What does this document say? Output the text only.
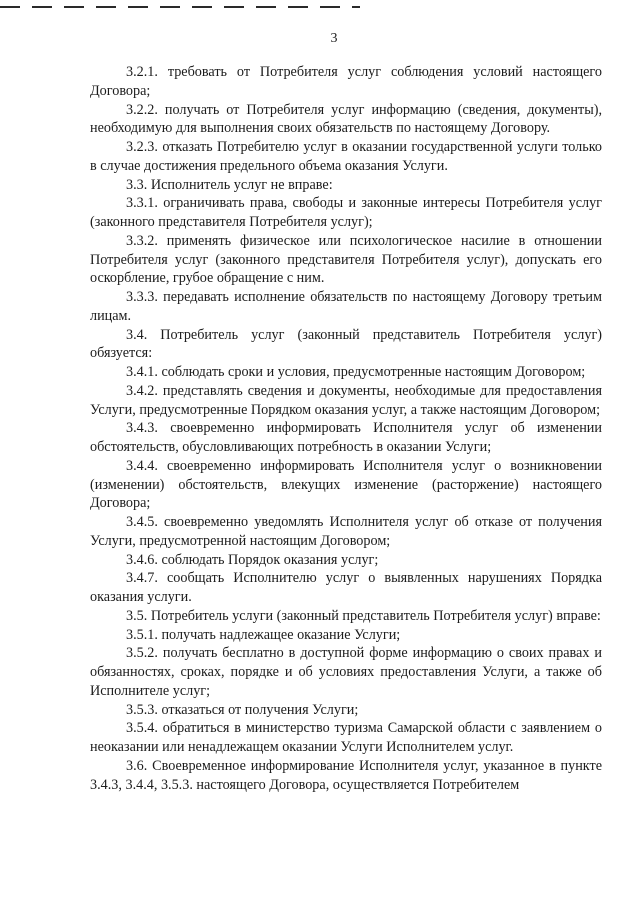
3

3.2.1. требовать от Потребителя услуг соблюдения условий настоящего Договора;

3.2.2. получать от Потребителя услуг информацию (сведения, документы), необходимую для выполнения своих обязательств по настоящему Договору.

3.2.3. отказать Потребителю услуг в оказании государственной услуги только в случае достижения предельного объема оказания Услуги.

3.3. Исполнитель услуг не вправе:

3.3.1. ограничивать права, свободы и законные интересы Потребителя услуг (законного представителя Потребителя услуг);

3.3.2. применять физическое или психологическое насилие в отношении Потребителя услуг (законного представителя Потребителя услуг), допускать его оскорбление, грубое обращение с ним.

3.3.3. передавать исполнение обязательств по настоящему Договору третьим лицам.

3.4. Потребитель услуг (законный представитель Потребителя услуг) обязуется:

3.4.1. соблюдать сроки и условия, предусмотренные настоящим Договором;

3.4.2. представлять сведения и документы, необходимые для предоставления Услуги, предусмотренные Порядком оказания услуг, а также настоящим Договором;

3.4.3. своевременно информировать Исполнителя услуг об изменении обстоятельств, обусловливающих потребность в оказании Услуги;

3.4.4. своевременно информировать Исполнителя услуг о возникновении (изменении) обстоятельств, влекущих изменение (расторжение) настоящего Договора;

3.4.5. своевременно уведомлять Исполнителя услуг об отказе от получения Услуги, предусмотренной настоящим Договором;

3.4.6. соблюдать Порядок оказания услуг;

3.4.7. сообщать Исполнителю услуг о выявленных нарушениях Порядка оказания услуги.

3.5. Потребитель услуги (законный представитель Потребителя услуг) вправе:

3.5.1. получать надлежащее оказание Услуги;

3.5.2. получать бесплатно в доступной форме информацию о своих правах и обязанностях, сроках, порядке и об условиях предоставления Услуги, а также об Исполнителе услуг;

3.5.3. отказаться от получения Услуги;

3.5.4. обратиться в министерство туризма Самарской области с заявлением о неоказании или ненадлежащем оказании Услуги Исполнителем услуг.

3.6. Своевременное информирование Исполнителя услуг, указанное в пункте 3.4.3, 3.4.4, 3.5.3. настоящего Договора, осуществляется Потребителем
